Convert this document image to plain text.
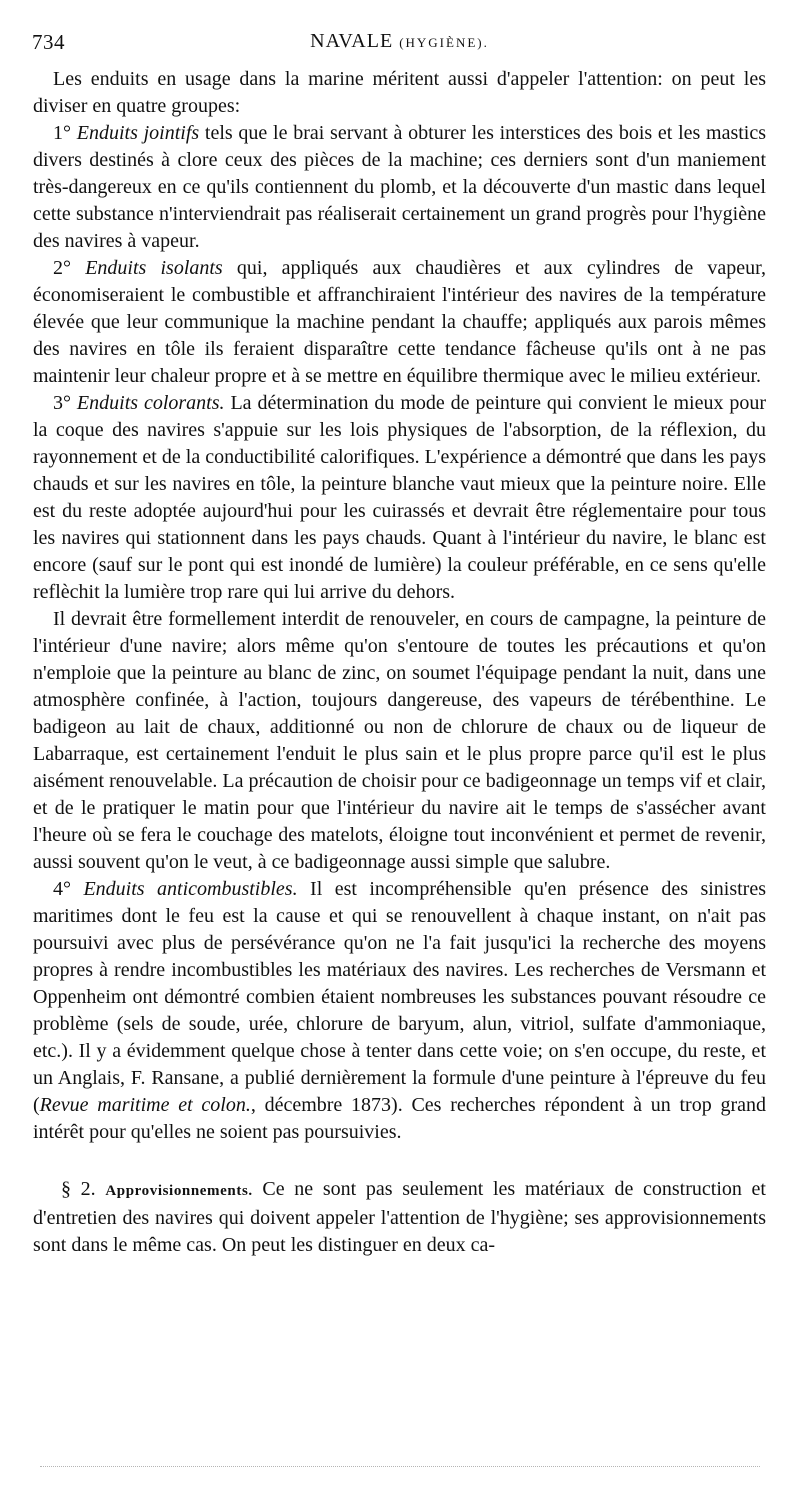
734	NAVALE (HYGIÈNE).

Les enduits en usage dans la marine méritent aussi d'appeler l'attention: on peut les diviser en quatre groupes:

1° Enduits jointifs tels que le brai servant à obturer les interstices des bois et les mastics divers destinés à clore ceux des pièces de la machine; ces derniers sont d'un maniement très-dangereux en ce qu'ils contiennent du plomb, et la découverte d'un mastic dans lequel cette substance n'interviendrait pas réaliserait certainement un grand progrès pour l'hygiène des navires à vapeur.

2° Enduits isolants qui, appliqués aux chaudières et aux cylindres de vapeur, économiseraient le combustible et affranchiraient l'intérieur des navires de la température élevée que leur communique la machine pendant la chauffe; appliqués aux parois mêmes des navires en tôle ils feraient disparaître cette tendance fâcheuse qu'ils ont à ne pas maintenir leur chaleur propre et à se mettre en équilibre thermique avec le milieu extérieur.

3° Enduits colorants. La détermination du mode de peinture qui convient le mieux pour la coque des navires s'appuie sur les lois physiques de l'absorption, de la réflexion, du rayonnement et de la conductibilité calorifiques. L'expérience a démontré que dans les pays chauds et sur les navires en tôle, la peinture blanche vaut mieux que la peinture noire. Elle est du reste adoptée aujourd'hui pour les cuirassés et devrait être réglementaire pour tous les navires qui stationnent dans les pays chauds. Quant à l'intérieur du navire, le blanc est encore (sauf sur le pont qui est inondé de lumière) la couleur préférable, en ce sens qu'elle reflèchit la lumière trop rare qui lui arrive du dehors.

Il devrait être formellement interdit de renouveler, en cours de campagne, la peinture de l'intérieur d'une navire; alors même qu'on s'entoure de toutes les précautions et qu'on n'emploie que la peinture au blanc de zinc, on soumet l'équipage pendant la nuit, dans une atmosphère confinée, à l'action, toujours dangereuse, des vapeurs de térébenthine. Le badigeon au lait de chaux, additionné ou non de chlorure de chaux ou de liqueur de Labarraque, est certainement l'enduit le plus sain et le plus propre parce qu'il est le plus aisément renouvelable. La précaution de choisir pour ce badigeonnage un temps vif et clair, et de le pratiquer le matin pour que l'intérieur du navire ait le temps de s'assécher avant l'heure où se fera le couchage des matelots, éloigne tout inconvénient et permet de revenir, aussi souvent qu'on le veut, à ce badigeonnage aussi simple que salubre.

4° Enduits anticombustibles. Il est incompréhensible qu'en présence des sinistres maritimes dont le feu est la cause et qui se renouvellent à chaque instant, on n'ait pas poursuivi avec plus de persévérance qu'on ne l'a fait jusqu'ici la recherche des moyens propres à rendre incombustibles les matériaux des navires. Les recherches de Versmann et Oppenheim ont démontré combien étaient nombreuses les substances pouvant résoudre ce problème (sels de soude, urée, chlorure de baryum, alun, vitriol, sulfate d'ammoniaque, etc.). Il y a évidemment quelque chose à tenter dans cette voie; on s'en occupe, du reste, et un Anglais, F. Ransane, a publié dernièrement la formule d'une peinture à l'épreuve du feu (Revue maritime et colon., décembre 1873). Ces recherches répondent à un trop grand intérêt pour qu'elles ne soient pas poursuivies.

§ 2. Approvisionnements. Ce ne sont pas seulement les matériaux de construction et d'entretien des navires qui doivent appeler l'attention de l'hygiène; ses approvisionnements sont dans le même cas. On peut les distinguer en deux ca-
